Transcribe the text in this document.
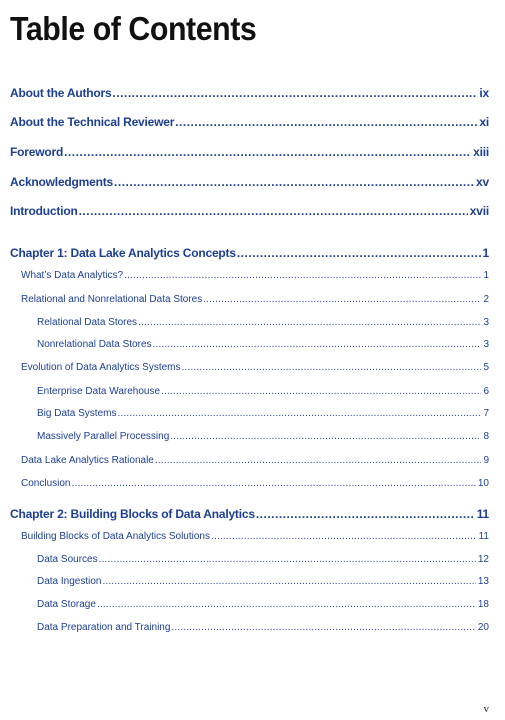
Table of Contents
About the Authors .....	ix
About the Technical Reviewer .....	xi
Foreword .....	xiii
Acknowledgments .....	xv
Introduction .....	xvii
Chapter 1: Data Lake Analytics Concepts .....	1
What’s Data Analytics? .....	1
Relational and Nonrelational Data Stores .....	2
Relational Data Stores .....	3
Nonrelational Data Stores .....	3
Evolution of Data Analytics Systems .....	5
Enterprise Data Warehouse .....	6
Big Data Systems .....	7
Massively Parallel Processing .....	8
Data Lake Analytics Rationale .....	9
Conclusion .....	10
Chapter 2: Building Blocks of Data Analytics .....	11
Building Blocks of Data Analytics Solutions .....	11
Data Sources .....	12
Data Ingestion .....	13
Data Storage .....	18
Data Preparation and Training .....	20
v
